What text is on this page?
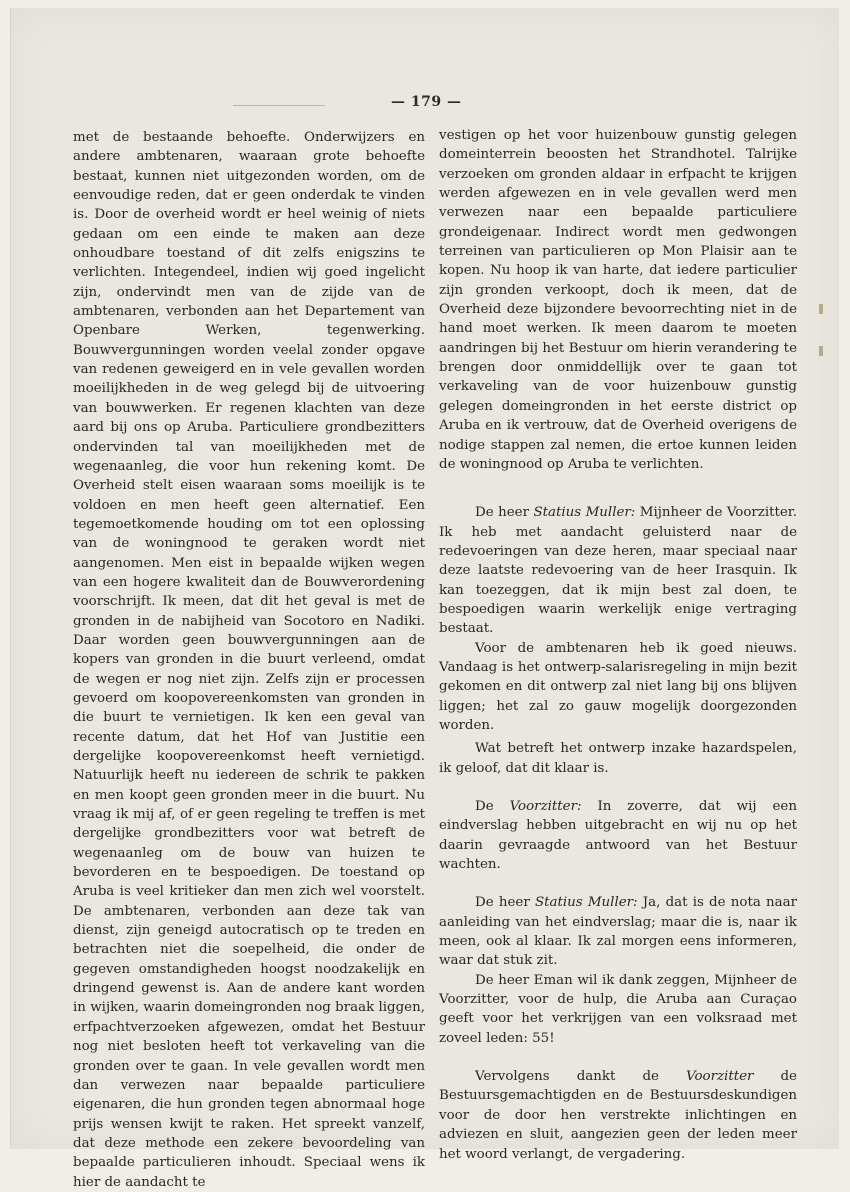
— 179 —

met de bestaande behoefte. Onderwijzers en andere ambtenaren, waaraan grote behoefte bestaat, kunnen niet uitgezonden worden, om de eenvoudige reden, dat er geen onderdak te vinden is. Door de overheid wordt er heel weinig of niets gedaan om een einde te maken aan deze onhoudbare toestand of dit zelfs enigszins te verlichten. Integendeel, indien wij goed ingelicht zijn, ondervindt men van de zijde van de ambtenaren, verbonden aan het Departement van Openbare Werken, tegenwerking. Bouwvergunningen worden veelal zonder opgave van redenen geweigerd en in vele gevallen worden moeilijkheden in de weg gelegd bij de uitvoering van bouwwerken. Er regenen klachten van deze aard bij ons op Aruba. Particuliere grondbezitters ondervinden tal van moeilijkheden met de wegenaanleg, die voor hun rekening komt. De Overheid stelt eisen waaraan soms moeilijk is te voldoen en men heeft geen alternatief. Een tegemoetkomende houding om tot een oplossing van de woningnood te geraken wordt niet aangenomen. Men eist in bepaalde wijken wegen van een hogere kwaliteit dan de Bouwverordening voorschrijft. Ik meen, dat dit het geval is met de gronden in de nabijheid van Socotoro en Nadiki. Daar worden geen bouwvergunningen aan de kopers van gronden in die buurt verleend, omdat de wegen er nog niet zijn. Zelfs zijn er processen gevoerd om koopovereenkomsten van gronden in die buurt te vernietigen. Ik ken een geval van recente datum, dat het Hof van Justitie een dergelijke koopovereenkomst heeft vernietigd. Natuurlijk heeft nu iedereen de schrik te pakken en men koopt geen gronden meer in die buurt. Nu vraag ik mij af, of er geen regeling te treffen is met dergelijke grondbezitters voor wat betreft de wegenaanleg om de bouw van huizen te bevorderen en te bespoedigen. De toestand op Aruba is veel kritieker dan men zich wel voorstelt. De ambtenaren, verbonden aan deze tak van dienst, zijn geneigd autocratisch op te treden en betrachten niet die soepelheid, die onder de gegeven omstandigheden hoogst noodzakelijk en dringend gewenst is. Aan de andere kant worden in wijken, waarin domeingronden nog braak liggen, erfpachtverzoeken afgewezen, omdat het Bestuur nog niet besloten heeft tot verkaveling van die gronden over te gaan. In vele gevallen wordt men dan verwezen naar bepaalde particuliere eigenaren, die hun gronden tegen abnormaal hoge prijs wensen kwijt te raken. Het spreekt vanzelf, dat deze methode een zekere bevoordeling van bepaalde particulieren inhoudt. Speciaal wens ik hier de aandacht te

vestigen op het voor huizenbouw gunstig gelegen domeinterrein beoosten het Strandhotel. Talrijke verzoeken om gronden aldaar in erfpacht te krijgen werden afgewezen en in vele gevallen werd men verwezen naar een bepaalde particuliere grondeigenaar. Indirect wordt men gedwongen terreinen van particulieren op Mon Plaisir aan te kopen. Nu hoop ik van harte, dat iedere particulier zijn gronden verkoopt, doch ik meen, dat de Overheid deze bijzondere bevoorrechting niet in de hand moet werken. Ik meen daarom te moeten aandringen bij het Bestuur om hierin verandering te brengen door onmiddellijk over te gaan tot verkaveling van de voor huizenbouw gunstig gelegen domeingronden in het eerste district op Aruba en ik vertrouw, dat de Overheid overigens de nodige stappen zal nemen, die ertoe kunnen leiden de woningnood op Aruba te verlichten.

De heer Statius Muller: Mijnheer de Voorzitter. Ik heb met aandacht geluisterd naar de redevoeringen van deze heren, maar speciaal naar deze laatste redevoering van de heer Irasquin. Ik kan toezeggen, dat ik mijn best zal doen, te bespoedigen waarin werkelijk enige vertraging bestaat.

Voor de ambtenaren heb ik goed nieuws. Vandaag is het ontwerp-salarisregeling in mijn bezit gekomen en dit ontwerp zal niet lang bij ons blijven liggen; het zal zo gauw mogelijk doorgezonden worden.

Wat betreft het ontwerp inzake hazardspelen, ik geloof, dat dit klaar is.

De Voorzitter: In zoverre, dat wij een eindverslag hebben uitgebracht en wij nu op het daarin gevraagde antwoord van het Bestuur wachten.

De heer Statius Muller: Ja, dat is de nota naar aanleiding van het eindverslag; maar die is, naar ik meen, ook al klaar. Ik zal morgen eens informeren, waar dat stuk zit.

De heer Eman wil ik dank zeggen, Mijnheer de Voorzitter, voor de hulp, die Aruba aan Curaçao geeft voor het verkrijgen van een volksraad met zoveel leden: 55!

Vervolgens dankt de Voorzitter de Bestuursgemachtigden en de Bestuursdeskundigen voor de door hen verstrekte inlichtingen en adviezen en sluit, aangezien geen der leden meer het woord verlangt, de vergadering.
